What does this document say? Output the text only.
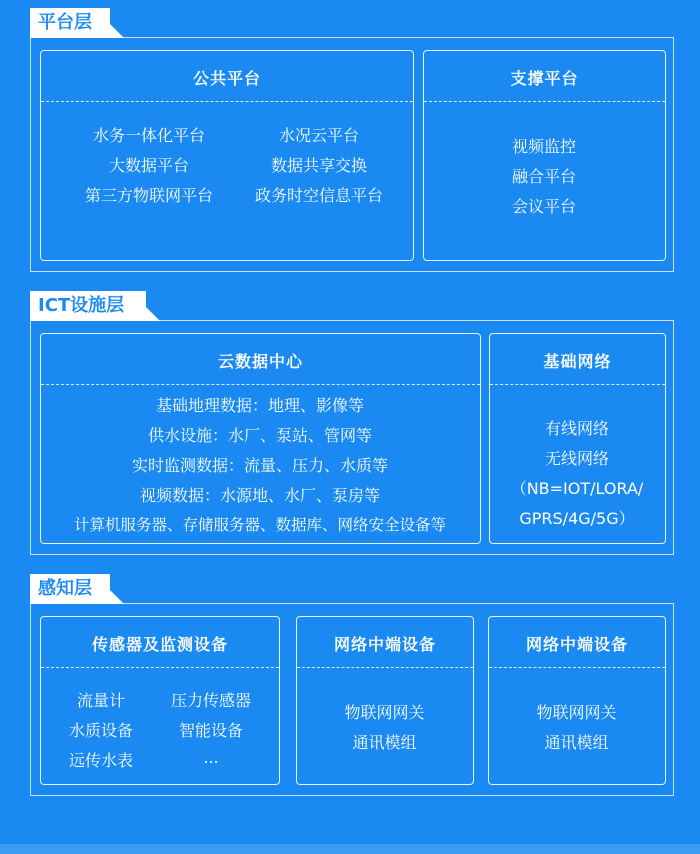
平台层
公共平台
水务一体化平台
大数据平台
第三方物联网平台
水况云平台
数据共享交换
政务时空信息平台
支撑平台
视频监控
融合平台
会议平台
ICT设施层
云数据中心
基础地理数据：地理、影像等
供水设施：水厂、泵站、管网等
实时监测数据：流量、压力、水质等
视频数据：水源地、水厂、泵房等
计算机服务器、存储服务器、数据库、网络安全设备等
基础网络
有线网络
无线网络
（NB=IOT/LORA/
GPRS/4G/5G）
感知层
传感器及监测设备
流量计
水质设备
远传水表
压力传感器
智能设备
...
网络中端设备
物联网网关
通讯模组
网络中端设备
物联网网关
通讯模组
